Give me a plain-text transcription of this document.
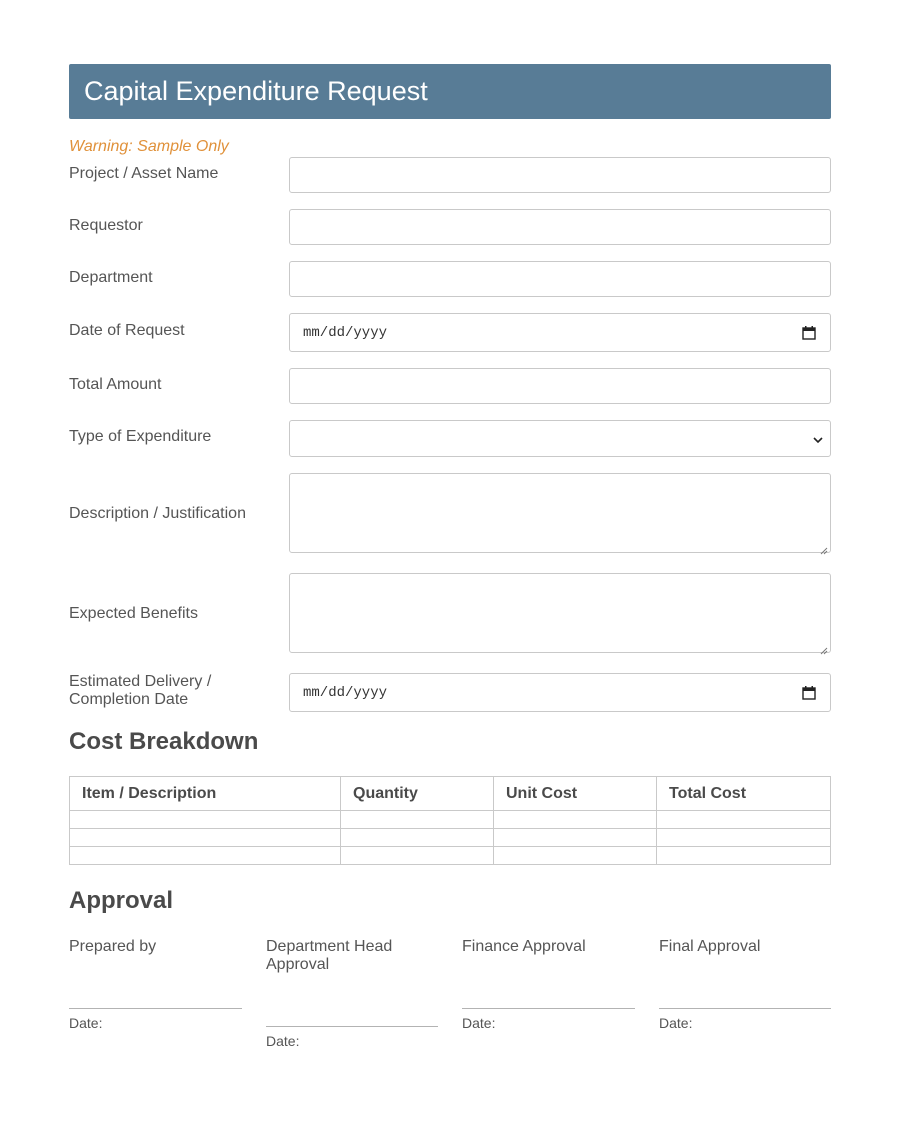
Capital Expenditure Request
Warning: Sample Only
Project / Asset Name
Requestor
Department
Date of Request	mm/dd/yyyy
Total Amount
Type of Expenditure
Description / Justification
Expected Benefits
Estimated Delivery /
Completion Date	mm/dd/yyyy
Cost Breakdown
Item / Description	Quantity	Unit Cost	Total Cost

Approval
Prepared by
Date:
Department Head
Approval
Date:
Finance Approval
Date:
Final Approval
Date:
